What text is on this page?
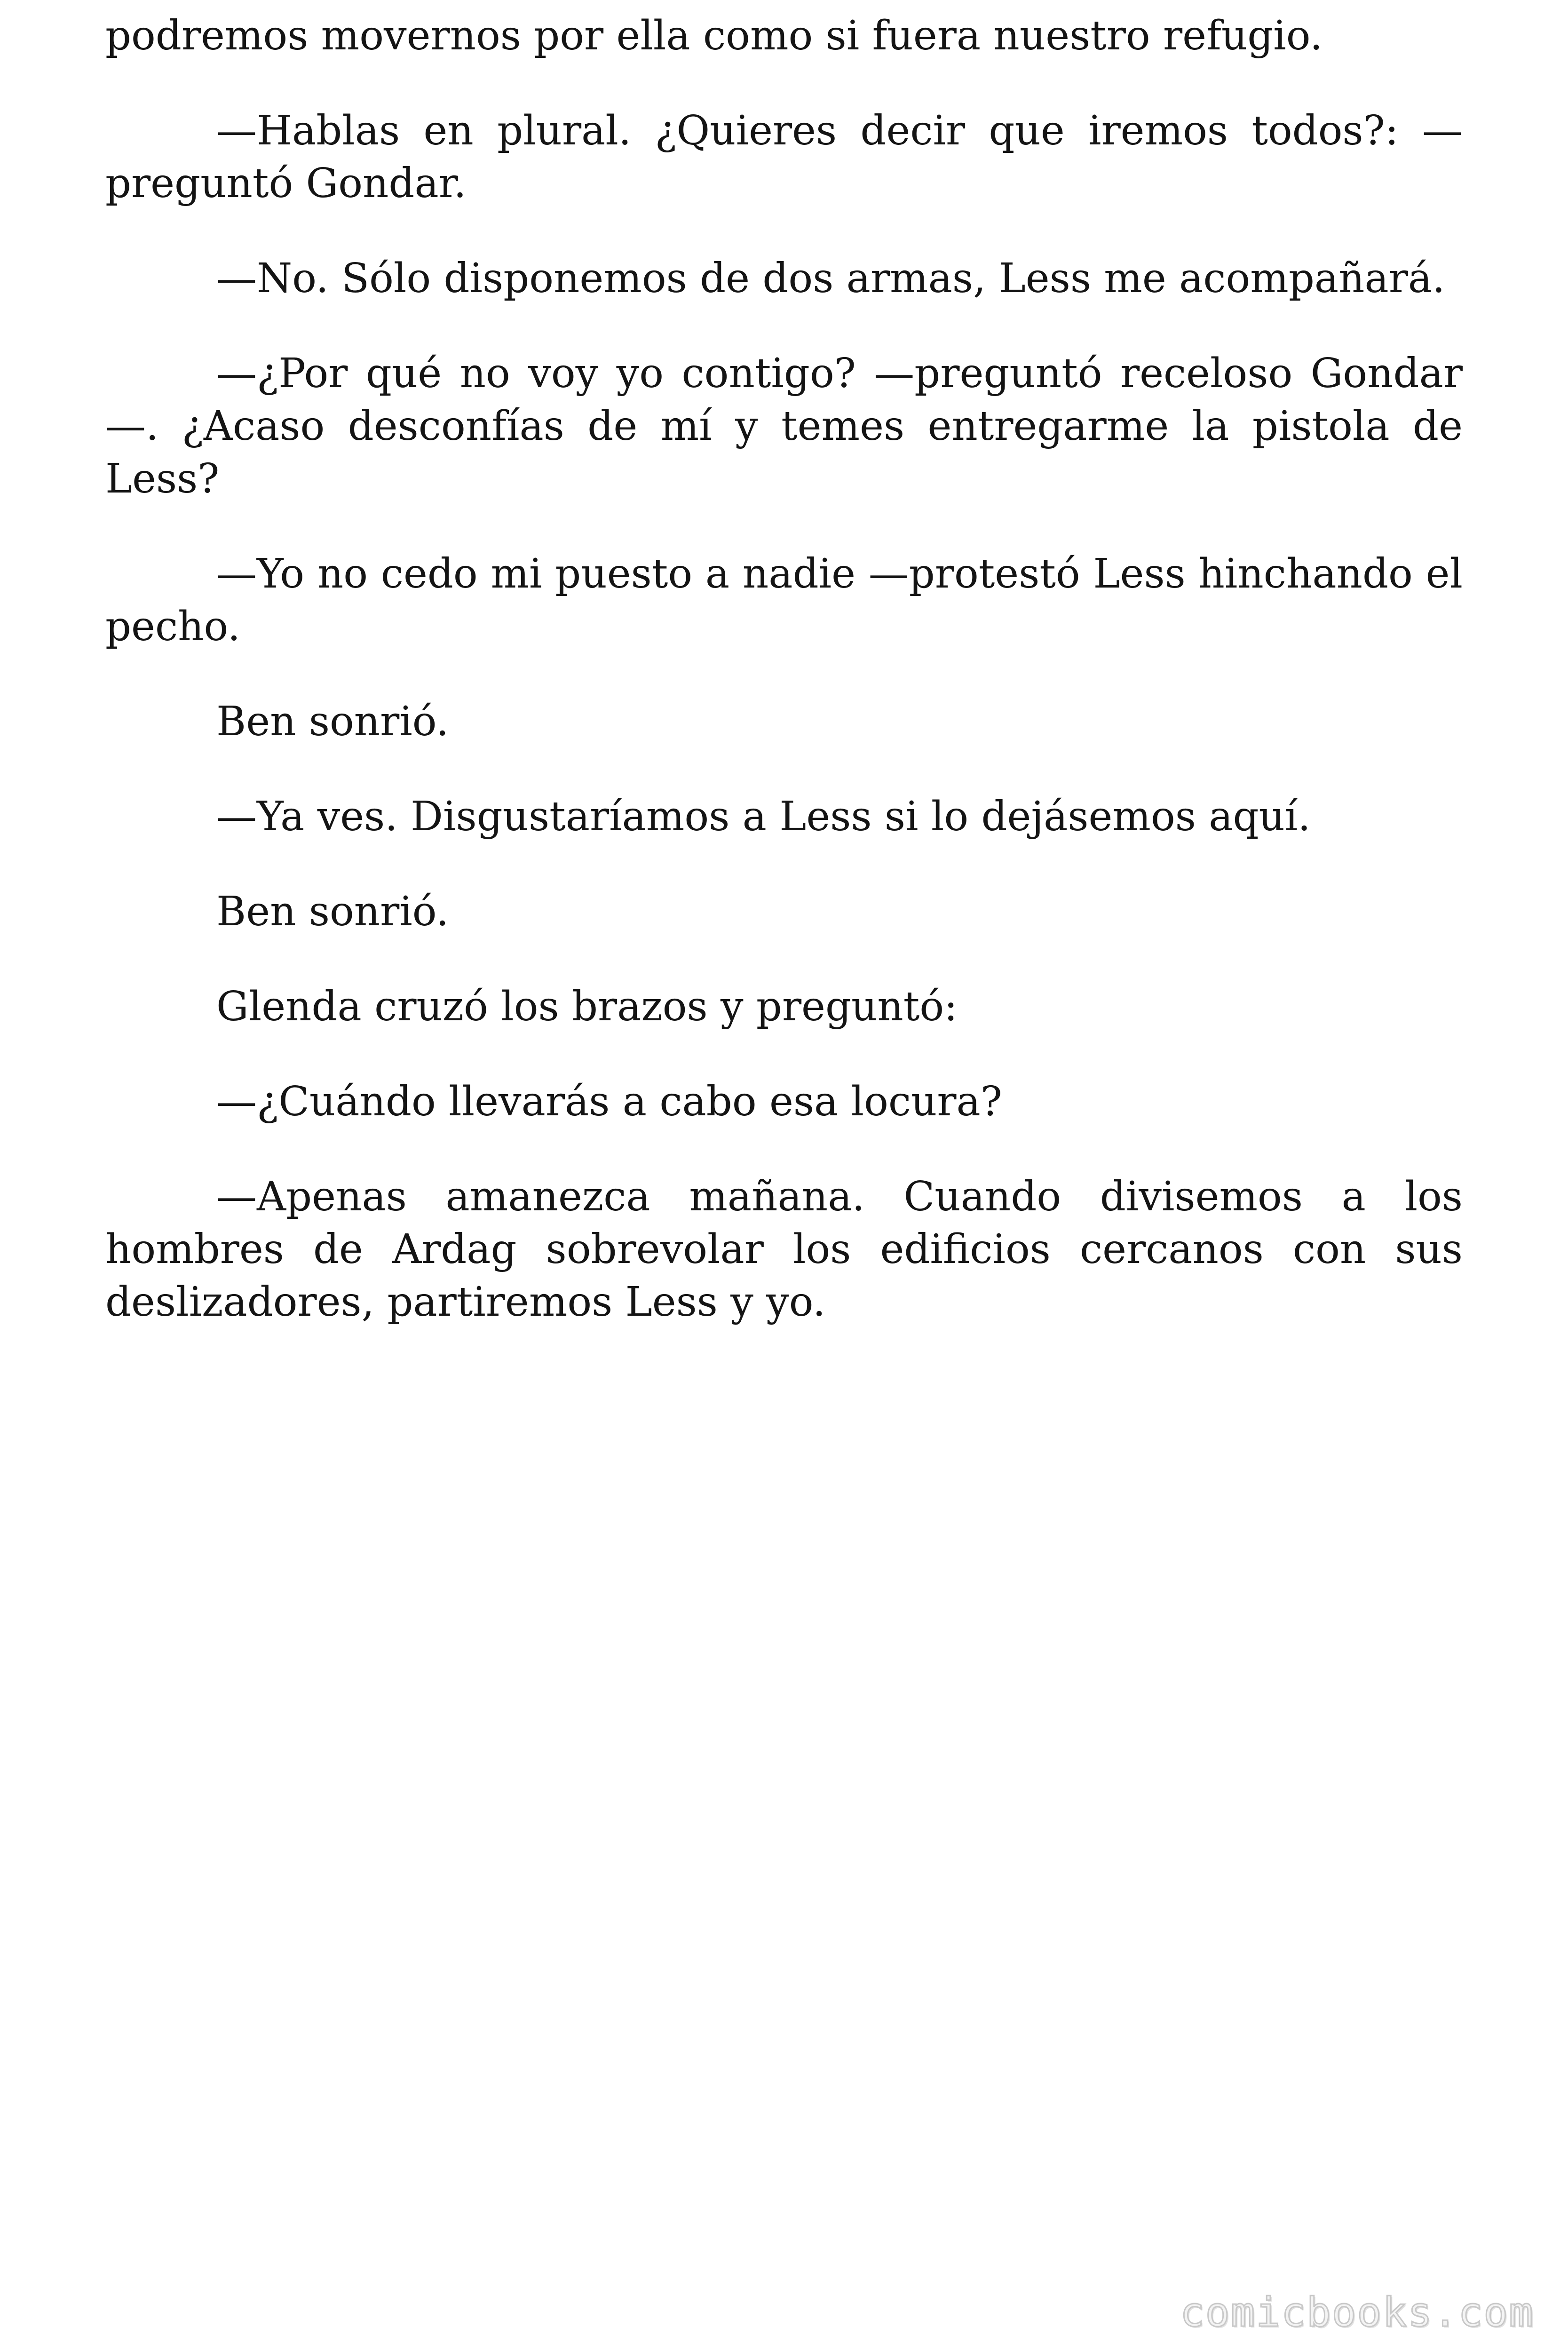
podremos movernos por ella como si fuera nuestro refugio.

—Hablas en plural. ¿Quieres decir que iremos todos?: —preguntó Gondar.

—No. Sólo disponemos de dos armas, Less me acompañará.

—¿Por qué no voy yo contigo? —preguntó receloso Gondar—. ¿Acaso desconfías de mí y temes entregarme la pistola de Less?

—Yo no cedo mi puesto a nadie —protestó Less hinchando el pecho.

Ben sonrió.

—Ya ves. Disgustaríamos a Less si lo dejásemos aquí.

Ben sonrió.

Glenda cruzó los brazos y preguntó:

—¿Cuándo llevarás a cabo esa locura?

—Apenas amanezca mañana. Cuando divisemos a los hombres de Ardag sobrevolar los edificios cercanos con sus deslizadores, partiremos Less y yo.

comicbooks.com
